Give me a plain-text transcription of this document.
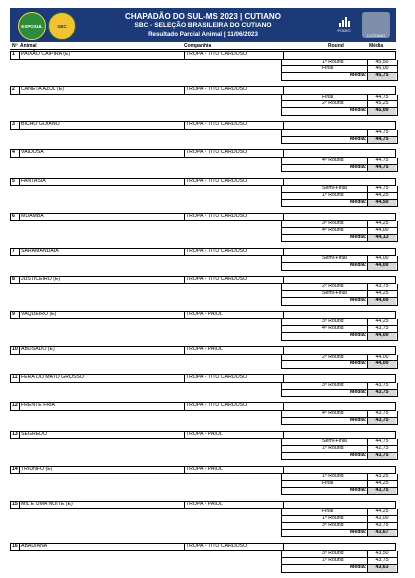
EXPOSUL	SBC
CHAPADÃO DO SUL-MS 2023 | CUTIANO
SBC - SELEÇÃO BRASILEIRA DO CUTIANO
Resultado Parcial Animal | 11/06/2023
PODIO
CUTIANO
Nº Animal	Companhia	Round	Média
1	PAIXÃO CAIPIRA (E)	TROPA - TITO CARDOSO
1º Round	45,50
Final	46,00
Média:	45,75
2	CANETA AZUL (E)	TROPA - TITO CARDOSO
Final	44,75
2º Round	45,25
Média:	45,00
3	BICHO GOIANO	TROPA - TITO CARDOSO
44,75
Média:	44,75
4	VAIDOSA	TROPA - TITO CARDOSO
4º Round	44,75
Média:	44,75
5	FANTASIA	TROPA - TITO CARDOSO
Semi-Final	44,75
1º Round	44,25
Média:	44,50
6	MUAMBA	TROPA - TITO CARDOSO
3º Round	44,25
4º Round	44,00
Média:	44,13
7	SARAMANDAIA	TROPA - TITO CARDOSO
Semi-Final	44,00
Média:	44,00
8	JUSTICEIRO (E)	TROPA - TITO CARDOSO
2º Round	43,75
Semi-Final	44,25
Média:	44,00
9	VAQUEIRO (E)	TROPA - PAIOL
3º Round	44,25
4º Round	43,75
Média:	44,00
10 ABUSADO (E)	TROPA - PAIOL
2º Round	44,00
Média:	44,00
11 FERA DO MATO GROSSO	TROPA - TITO CARDOSO
3º Round	43,75
Média:	43,75
12 FRENTE FRIA	TROPA - TITO CARDOSO
4º Round	43,75
Média:	43,75
13 SEGREDO	TROPA - PAIOL
Semi-Final	44,75
1º Round	42,75
Média:	43,75
14 TRIUNFO (E)	TROPA - PAIOL
1º Round	43,25
Final	44,25
Média:	43,75
15 MIL E UMA NOITE (E)	TROPA - PAIOL
Final	44,25
1º Round	43,00
3º Round	43,75
Média:	43,67
16 ABADIANA	TROPA - TITO CARDOSO
3º Round	43,50
1º Round	43,75
Média:	43,63
